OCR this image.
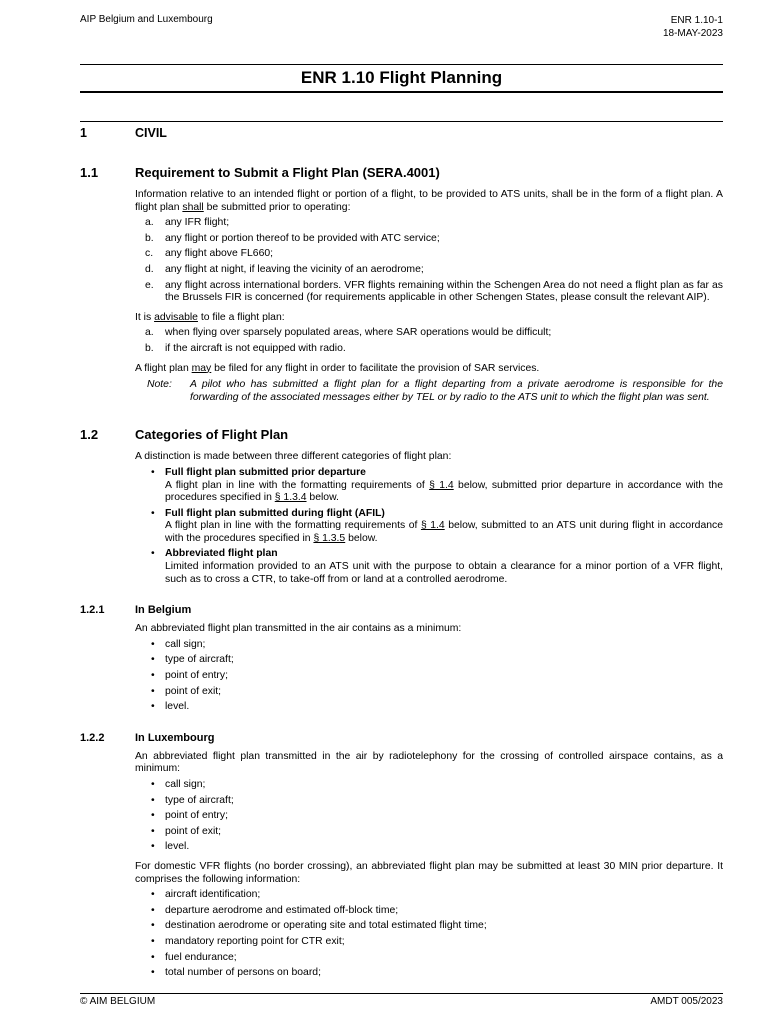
AIP Belgium and Luxembourg	ENR 1.10-1
18-MAY-2023
ENR 1.10 Flight Planning
1	CIVIL
1.1	Requirement to Submit a Flight Plan (SERA.4001)
Information relative to an intended flight or portion of a flight, to be provided to ATS units, shall be in the form of a flight plan. A flight plan shall be submitted prior to operating:
a. any IFR flight;
b. any flight or portion thereof to be provided with ATC service;
c. any flight above FL660;
d. any flight at night, if leaving the vicinity of an aerodrome;
e. any flight across international borders. VFR flights remaining within the Schengen Area do not need a flight plan as far as the Brussels FIR is concerned (for requirements applicable in other Schengen States, please consult the relevant AIP).
It is advisable to file a flight plan:
a. when flying over sparsely populated areas, where SAR operations would be difficult;
b. if the aircraft is not equipped with radio.
A flight plan may be filed for any flight in order to facilitate the provision of SAR services.
Note: A pilot who has submitted a flight plan for a flight departing from a private aerodrome is responsible for the forwarding of the associated messages either by TEL or by radio to the ATS unit to which the flight plan was sent.
1.2	Categories of Flight Plan
A distinction is made between three different categories of flight plan:
• Full flight plan submitted prior departure
A flight plan in line with the formatting requirements of § 1.4 below, submitted prior departure in accordance with the procedures specified in § 1.3.4 below.
• Full flight plan submitted during flight (AFIL)
A flight plan in line with the formatting requirements of § 1.4 below, submitted to an ATS unit during flight in accordance with the procedures specified in § 1.3.5 below.
• Abbreviated flight plan
Limited information provided to an ATS unit with the purpose to obtain a clearance for a minor portion of a VFR flight, such as to cross a CTR, to take-off from or land at a controlled aerodrome.
1.2.1	In Belgium
An abbreviated flight plan transmitted in the air contains as a minimum:
• call sign;
• type of aircraft;
• point of entry;
• point of exit;
• level.
1.2.2	In Luxembourg
An abbreviated flight plan transmitted in the air by radiotelephony for the crossing of controlled airspace contains, as a minimum:
• call sign;
• type of aircraft;
• point of entry;
• point of exit;
• level.
For domestic VFR flights (no border crossing), an abbreviated flight plan may be submitted at least 30 MIN prior departure. It comprises the following information:
• aircraft identification;
• departure aerodrome and estimated off-block time;
• destination aerodrome or operating site and total estimated flight time;
• mandatory reporting point for CTR exit;
• fuel endurance;
• total number of persons on board;
© AIM BELGIUM	AMDT 005/2023
